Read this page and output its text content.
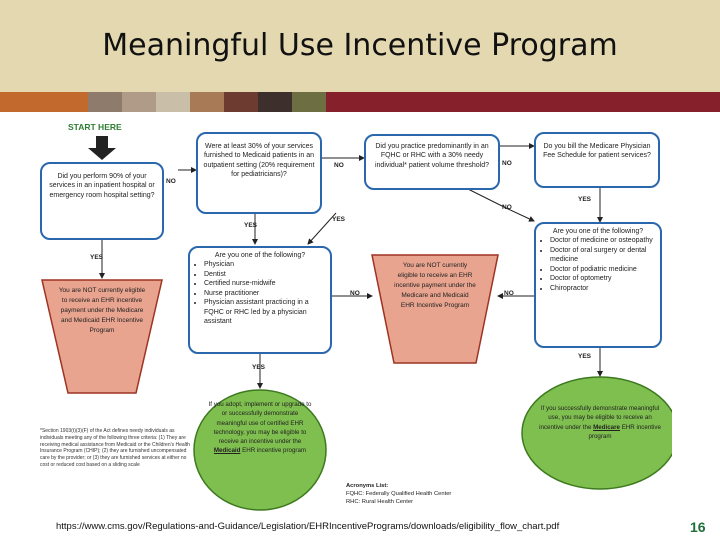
Meaningful Use Incentive Program
START HERE
Did you perform 90% of your services in an inpatient hospital or emergency room hospital setting?
Were at least 30% of your services furnished to Medicaid patients in an outpatient setting (20% requirement for pediatricians)?
Did you practice predominantly in an FQHC or RHC with a 30% needy individual* patient volume threshold?
Do you bill the Medicare Physician Fee Schedule for patient services?
Are you one of the following?
• Physician
• Dentist
• Certified nurse-midwife
• Nurse practitioner
• Physician assistant practicing in a FQHC or RHC led by a physician assistant
Are you one of the following?
• Doctor of medicine or osteopathy
• Doctor of oral surgery or dental medicine
• Doctor of podiatric medicine
• Doctor of optometry
• Chiropractor
You are NOT currently eligible to receive an EHR incentive payment under the Medicare and Medicaid EHR Incentive Program
You are NOT currently eligible to receive an EHR incentive payment under the Medicare and Medicaid EHR Incentive Program
If you adopt, implement or upgrade to or successfully demonstrate meaningful use of certified EHR technology, you may be eligible to receive an incentive under the Medicaid EHR incentive program
If you successfully demonstrate meaningful use, you may be eligible to receive an incentive under the Medicare EHR incentive program
NO
NO	NO
NO
YES
YES
YES
YES
NO	NO
YES
YES
*Section 1903(t)(3)(F) of the Act defines needy individuals as individuals meeting any of the following three criteria: (1) They are receiving medical assistance from Medicaid or the Children's Health Insurance Program (CHIP); (2) they are furnished uncompensated care by the provider; or (3) they are furnished services at either no cost or reduced cost based on a sliding scale
Acronyms List:
FQHC: Federally Qualified Health Center
RHC: Rural Health Center
https://www.cms.gov/Regulations-and-Guidance/Legislation/EHRIncentivePrograms/downloads/eligibility_flow_chart.pdf	16
